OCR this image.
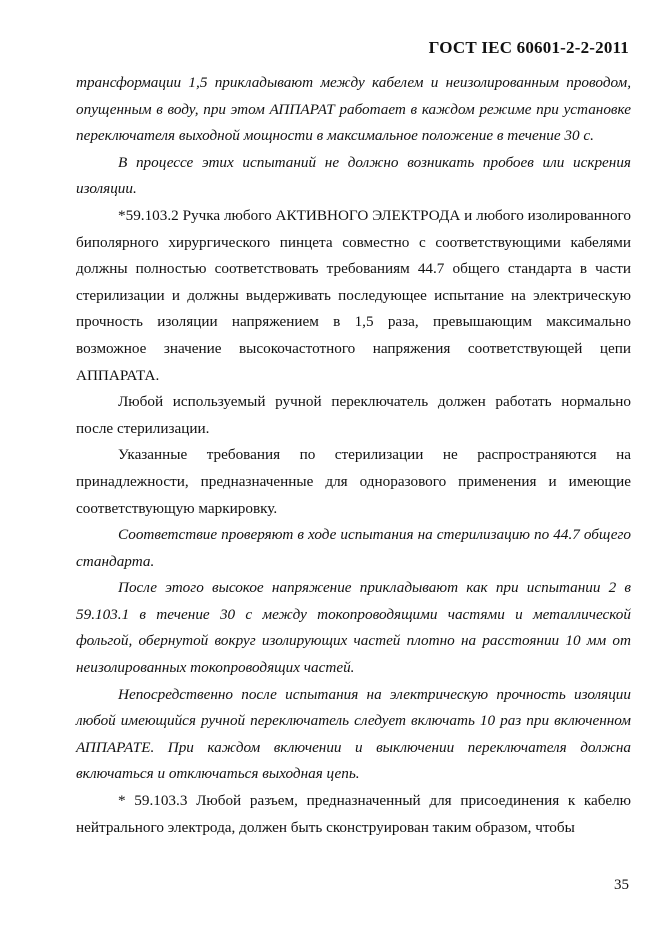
ГОСТ IEC 60601-2-2-2011

трансформации 1,5 прикладывают между кабелем и неизолированным проводом, опущенным в воду, при этом АППАРАТ работает в каждом режиме при установке переключателя выходной мощности в максимальное положение в течение 30 с.

В процессе этих испытаний не должно возникать пробоев или искрения изоляции.

*59.103.2 Ручка любого АКТИВНОГО ЭЛЕКТРОДА и любого изолированного биполярного хирургического пинцета совместно с соответствующими кабелями должны полностью соответствовать требованиям 44.7 общего стандарта в части стерилизации и должны выдерживать последующее испытание на электрическую прочность изоляции напряжением в 1,5 раза, превышающим максимально возможное значение высокочастотного напряжения соответствующей цепи АППАРАТА.

Любой используемый ручной переключатель должен работать нормально после стерилизации.

Указанные требования по стерилизации не распространяются на принадлежности, предназначенные для одноразового применения и имеющие соответствующую маркировку.

Соответствие проверяют в ходе испытания на стерилизацию по 44.7 общего стандарта.

После этого высокое напряжение прикладывают как при испытании 2 в 59.103.1 в течение 30 с между токопроводящими частями и металлической фольгой, обернутой вокруг изолирующих частей плотно на расстоянии 10 мм от неизолированных токопроводящих частей.

Непосредственно после испытания на электрическую прочность изоляции любой имеющийся ручной переключатель следует включать 10 раз при включенном АППАРАТЕ. При каждом включении и выключении переключателя должна включаться и отключаться выходная цепь.

* 59.103.3 Любой разъем, предназначенный для присоединения к кабелю нейтрального электрода, должен быть сконструирован таким образом, чтобы

35
